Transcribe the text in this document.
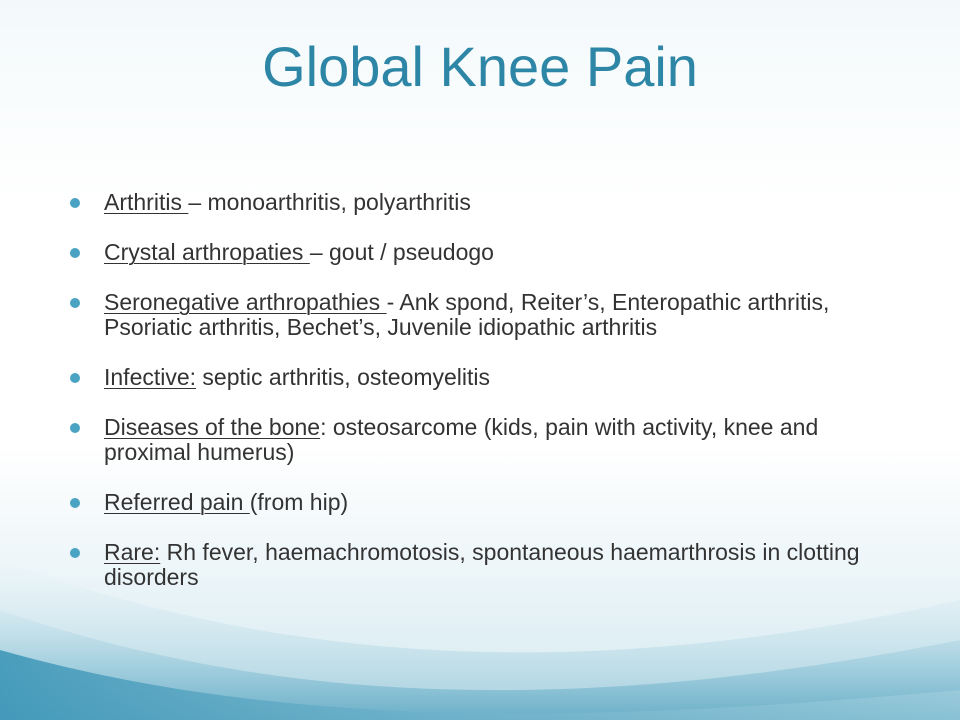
Global Knee Pain
Arthritis – monoarthritis, polyarthritis
Crystal arthropaties – gout / pseudogo
Seronegative arthropathies - Ank spond, Reiter’s, Enteropathic arthritis, Psoriatic arthritis, Bechet’s, Juvenile idiopathic arthritis
Infective: septic arthritis, osteomyelitis
Diseases of the bone: osteosarcome (kids, pain with activity, knee and proximal humerus)
Referred pain (from hip)
Rare: Rh fever, haemachromotosis, spontaneous haemarthrosis in clotting disorders
